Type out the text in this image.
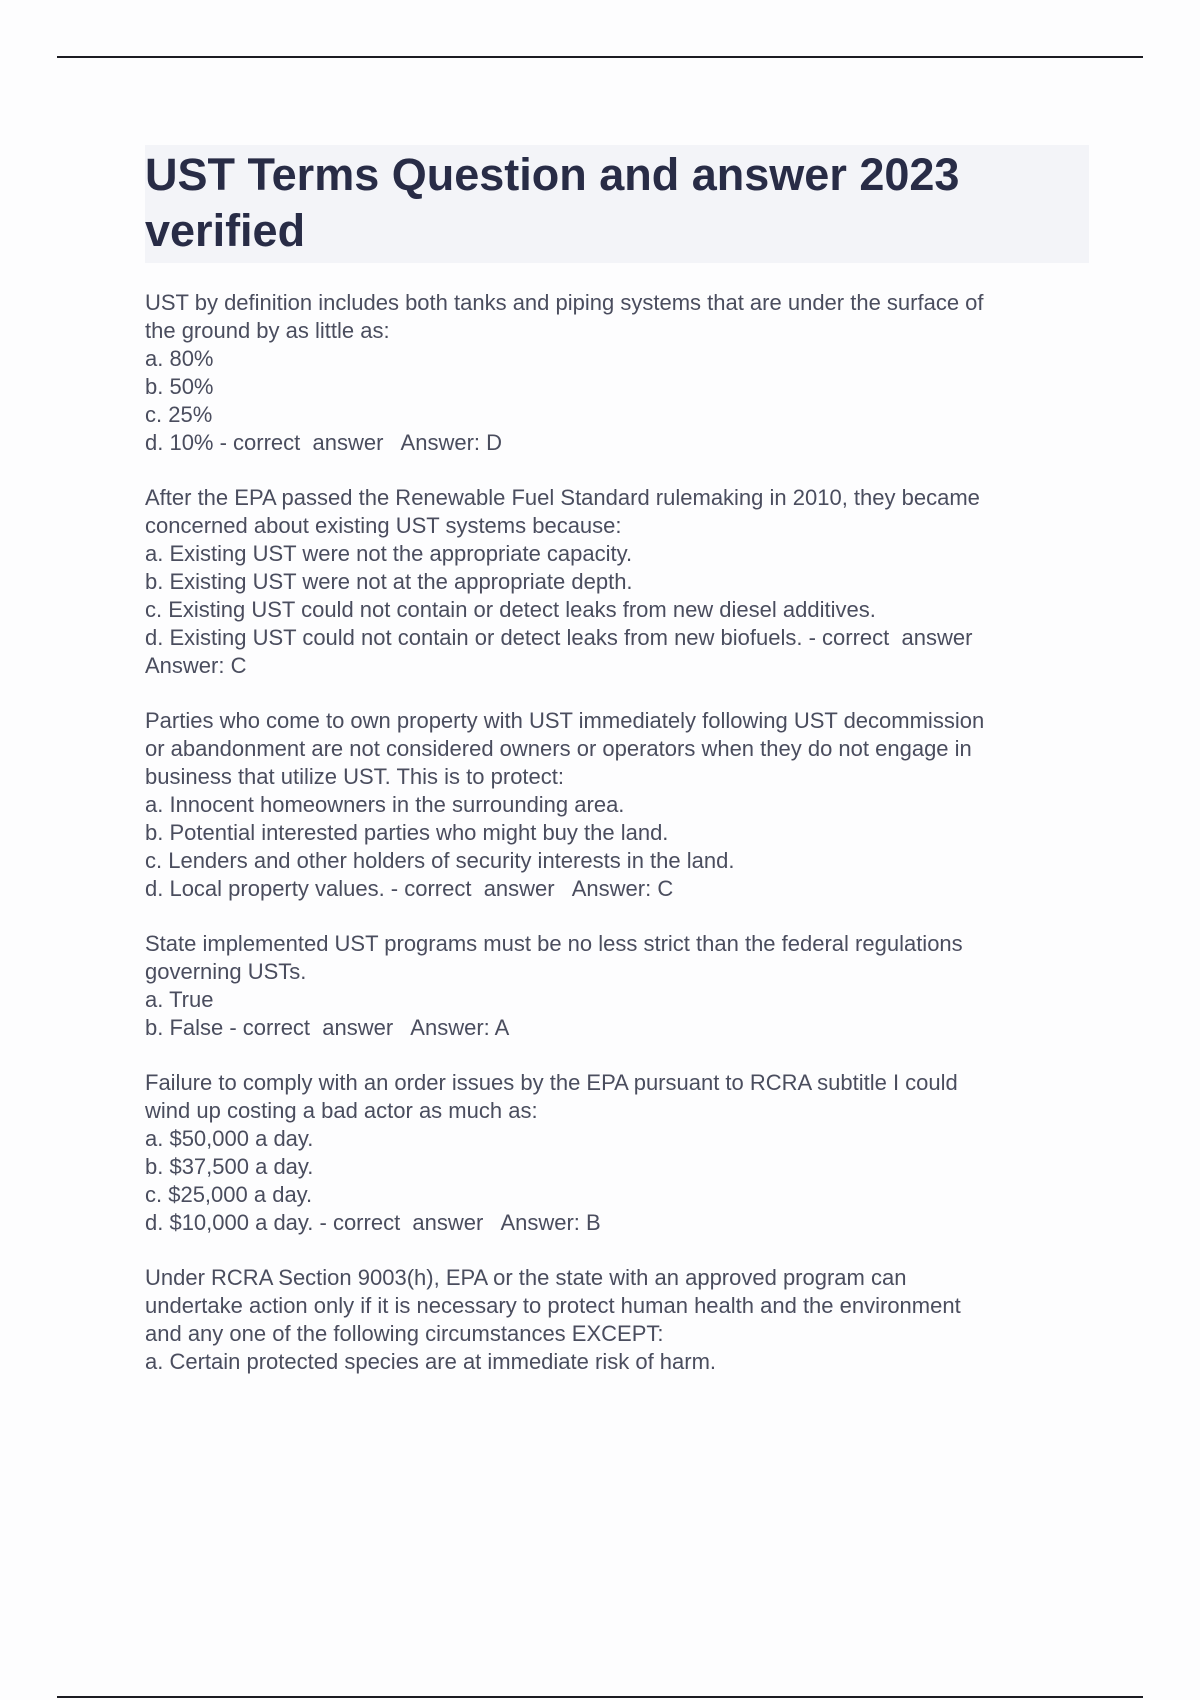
UST Terms Question and answer 2023 verified
UST by definition includes both tanks and piping systems that are under the surface of
the ground by as little as:
a. 80%
b. 50%
c. 25%
d. 10% - correct  answer   Answer: D
After the EPA passed the Renewable Fuel Standard rulemaking in 2010, they became
concerned about existing UST systems because:
a. Existing UST were not the appropriate capacity.
b. Existing UST were not at the appropriate depth.
c. Existing UST could not contain or detect leaks from new diesel additives.
d. Existing UST could not contain or detect leaks from new biofuels. - correct  answer
Answer: C
Parties who come to own property with UST immediately following UST decommission
or abandonment are not considered owners or operators when they do not engage in
business that utilize UST. This is to protect:
a. Innocent homeowners in the surrounding area.
b. Potential interested parties who might buy the land.
c. Lenders and other holders of security interests in the land.
d. Local property values. - correct  answer   Answer: C
State implemented UST programs must be no less strict than the federal regulations
governing USTs.
a. True
b. False - correct  answer   Answer: A
Failure to comply with an order issues by the EPA pursuant to RCRA subtitle I could
wind up costing a bad actor as much as:
a. $50,000 a day.
b. $37,500 a day.
c. $25,000 a day.
d. $10,000 a day. - correct  answer   Answer: B
Under RCRA Section 9003(h), EPA or the state with an approved program can
undertake action only if it is necessary to protect human health and the environment
and any one of the following circumstances EXCEPT:
a. Certain protected species are at immediate risk of harm.
